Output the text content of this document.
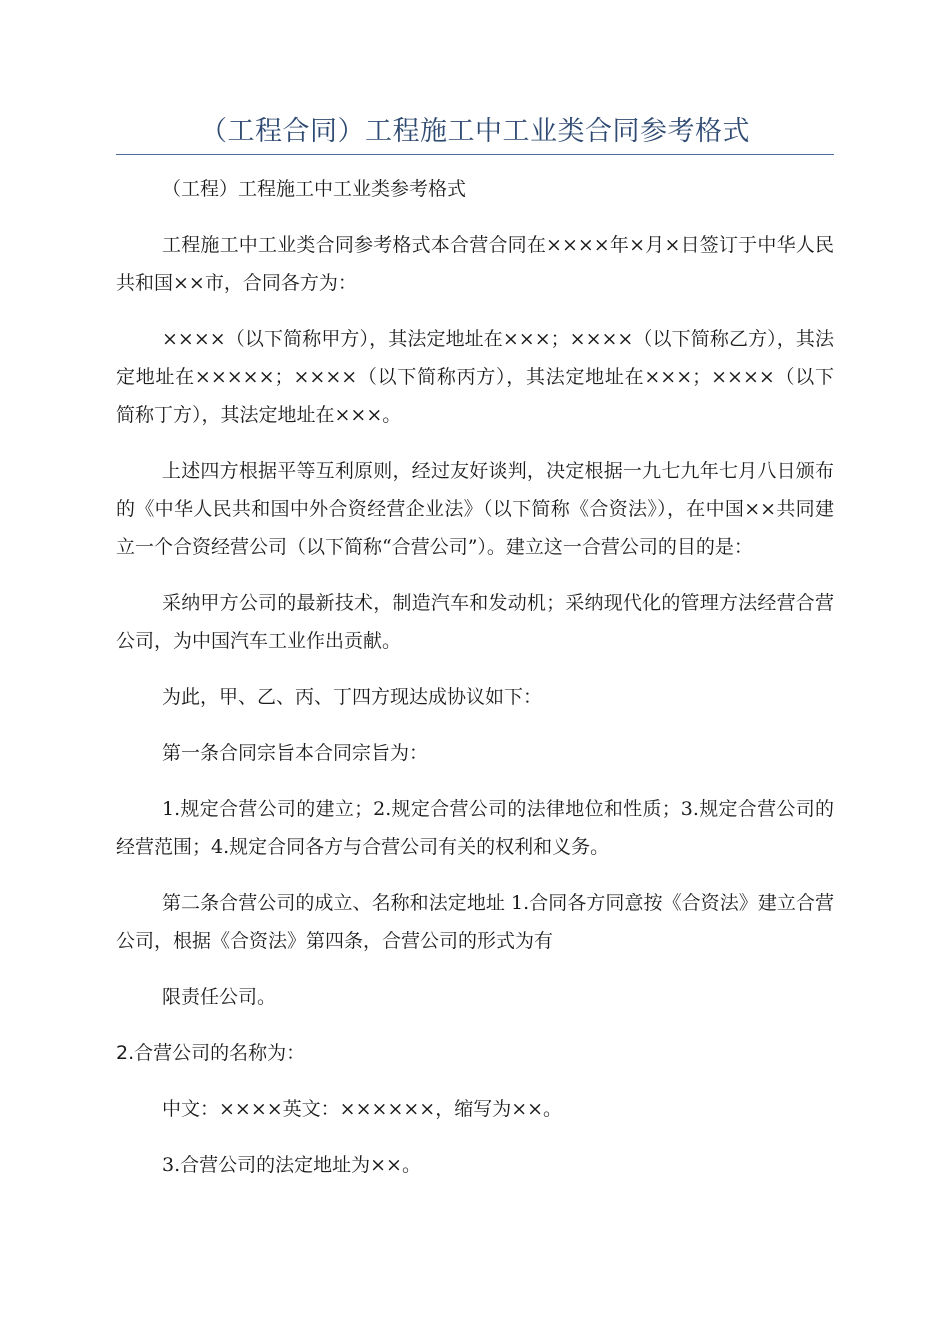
（工程合同）工程施工中工业类合同参考格式

（工程）工程施工中工业类参考格式

工程施工中工业类合同参考格式本合营合同在××××年×月×日签订于中华人民共和国××市，合同各方为：

××××（以下简称甲方），其法定地址在×××；××××（以下简称乙方），其法定地址在×××××；××××（以下简称丙方），其法定地址在×××；××××（以下简称丁方），其法定地址在×××。

上述四方根据平等互利原则，经过友好谈判，决定根据一九七九年七月八日颁布的《中华人民共和国中外合资经营企业法》（以下简称《合资法》），在中国××共同建立一个合资经营公司（以下简称“合营公司”）。建立这一合营公司的目的是：

采纳甲方公司的最新技术，制造汽车和发动机；采纳现代化的管理方法经营合营公司，为中国汽车工业作出贡献。

为此，甲、乙、丙、丁四方现达成协议如下：

第一条合同宗旨本合同宗旨为：

1.规定合营公司的建立；2.规定合营公司的法律地位和性质；3.规定合营公司的经营范围；4.规定合同各方与合营公司有关的权利和义务。

第二条合营公司的成立、名称和法定地址 1.合同各方同意按《合资法》建立合营公司，根据《合资法》第四条，合营公司的形式为有

限责任公司。

2.合营公司的名称为：

中文：××××英文：××××××，缩写为××。

3.合营公司的法定地址为××。
